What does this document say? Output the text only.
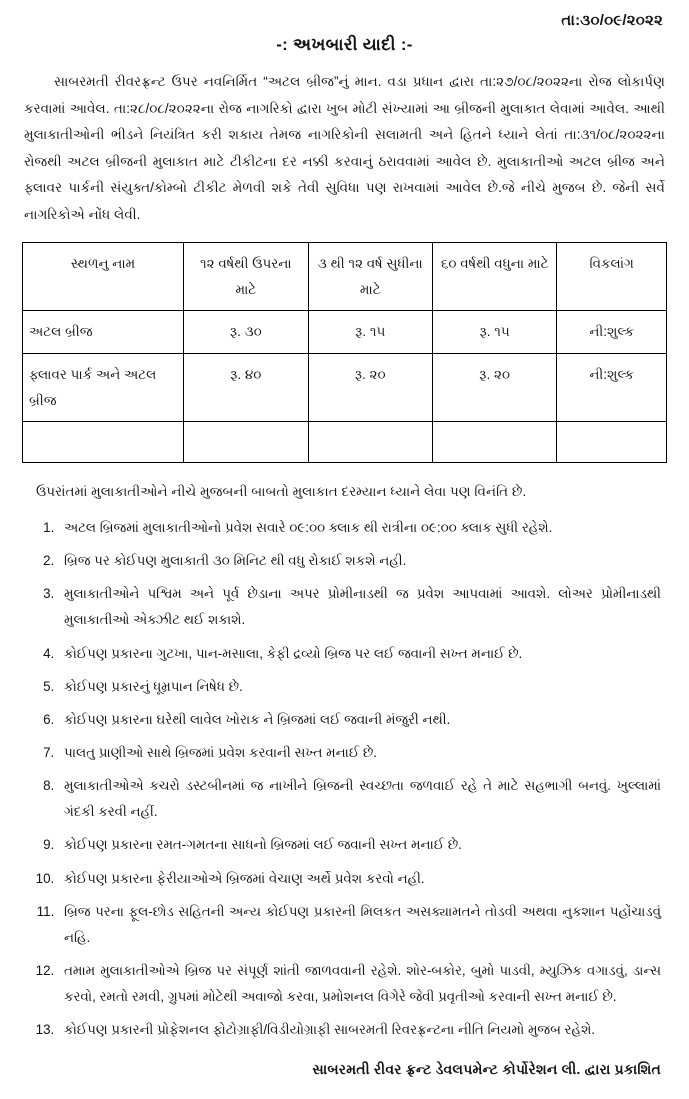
તા:૩૦/૦૯/૨૦૨૨
-: અખબારી યાદી :-

સાબરમતી રીવરફ્રન્ટ ઉપર નવનિર્મિત “અટલ બ્રીજ”નું માન. વડા પ્રધાન દ્વારા તા:૨૭/૦૮/૨૦૨૨ના રોજ લોકાર્પણ કરવામાં આવેલ. તા:૨૮/૦૮/૨૦૨૨ના રોજ નાગરિકો દ્વારા ખુબ મોટી સંખ્યામાં આ બ્રીજની મુલાકાત લેવામાં આવેલ. આથી મુલાકાતીઓની ભીડને નિયંત્રિત કરી શકાય તેમજ નાગરિકોની સલામતી અને હિતને ધ્યાને લેતાં તા:૩૧/૦૮/૨૦૨૨ના રોજથી અટલ બ્રીજની મુલાકાત માટે ટીકીટના દર નક્કી કરવાનું ઠરાવવામાં આવેલ છે. મુલાકાતીઓ અટલ બ્રીજ અને ફ્લાવર પાર્કની સંયુક્ત/કોમ્બો ટીકીટ મેળવી શકે તેવી સુવિધા પણ રાખવામાં આવેલ છે.જે નીચે મુજબ છે. જેની સર્વે નાગરિકોએ નોંધ લેવી.

સ્થળનુ નામ	૧૨ વર્ષથી ઉપરના માટે	૩ થી ૧૨ વર્ષ સુધીના માટે	૬૦ વર્ષથી વધુના માટે	વિકલાંગ
અટલ બ્રીજ	રૂ. ૩૦	રૂ. ૧૫	રૂ. ૧૫	ની:શુલ્ક
ફ્લાવર પાર્ક અને અટલ બ્રીજ	રૂ. ૪૦	રૂ. ૨૦	રૂ. ૨૦	ની:શુલ્ક

ઉપરાંતમાં મુલાકાતીઓને નીચે મુજબની બાબતો મુલાકાત દરમ્યાન ધ્યાને લેવા પણ વિનંતિ છે.
1. અટલ બ્રિજમાં મુલાકાતીઓનો પ્રવેશ સવારે ૦૯:૦૦ ક્લાક થી રાત્રીના ૦૯:૦૦ ક્લાક સુધી રહેશે.
2. બ્રિજ પર કોઈપણ મુલાકાતી ૩૦ મિનિટ થી વધુ રોકાઈ શકશે નહી.
3. મુલાકાતીઓને પશ્વિમ અને પૂર્વ છેડાના અપર પ્રોમીનાડથી જ પ્રવેશ આપવામાં આવશે. લોઅર પ્રોમીનાડથી મુલાકાતીઓ એક્ઝીટ થઈ શકાશે.
4. કોઈપણ પ્રકારના ગુટખા, પાન-મસાલા, કેફી દ્રવ્યો બ્રિજ પર લઈ જવાની સખ્ત મનાઈ છે.
5. કોઈપણ પ્રકારનું ધૂમ્રપાન નિષેધ છે.
6. કોઈપણ પ્રકારના ઘરેથી લાવેલ ખોરાક ને બ્રિજમાં લઈ જવાની મંજુરી નથી.
7. પાલતુ પ્રાણીઓ સાથે બ્રિજમાં પ્રવેશ કરવાની સખ્ત મનાઈ છે.
8. મુલાકાતીઓએ કચરો ડસ્ટબીનમાં જ નાખીને બ્રિજની સ્વચ્છતા જળવાઈ રહે તે માટે સહભાગી બનવું. ખુલ્લામાં ગંદકી કરવી નહીં.
9. કોઈપણ પ્રકારના રમત-ગમતના સાધનો બ્રિજમાં લઈ જવાની સખ્ત મનાઈ છે.
10. કોઈપણ પ્રકારના ફેરીયાઓએ બ્રિજમાં વેચાણ અર્થે પ્રવેશ કરવો નહી.
11. બ્રિજ પરના ફૂલ-છોડ સહિતની અન્ય કોઈપણ પ્રકારની મિલકત અસક્યામતને તોડવી અથવા નુકશાન પહોંચાડવું નહિ.
12. તમામ મુલાકાતીઓએ બ્રિજ પર સંપૂર્ણ શાંતી જાળવવાની રહેશે. શોર-બકોર, બુમો પાડવી, મ્યુઝિક વગાડવું, ડાન્સ કરવો, રમતો રમવી, ગ્રુપમાં મોટેથી અવાજો કરવા, પ્રમોશનલ વિગેરે જેવી પ્રવૃતીઓ કરવાની સખ્ત મનાઈ છે.
13. કોઈપણ પ્રકારની પ્રોફેશનલ ફોટોગ્રાફી/વિડીયોગ્રાફી સાબરમતી રિવરફ્રન્ટના નીતિ નિયમો મુજબ રહેશે.
સાબરમતી રીવર ફ્રન્ટ ડેવલપમેન્ટ કોર્પોરેશન લી. દ્વારા પ્રકાશિત
